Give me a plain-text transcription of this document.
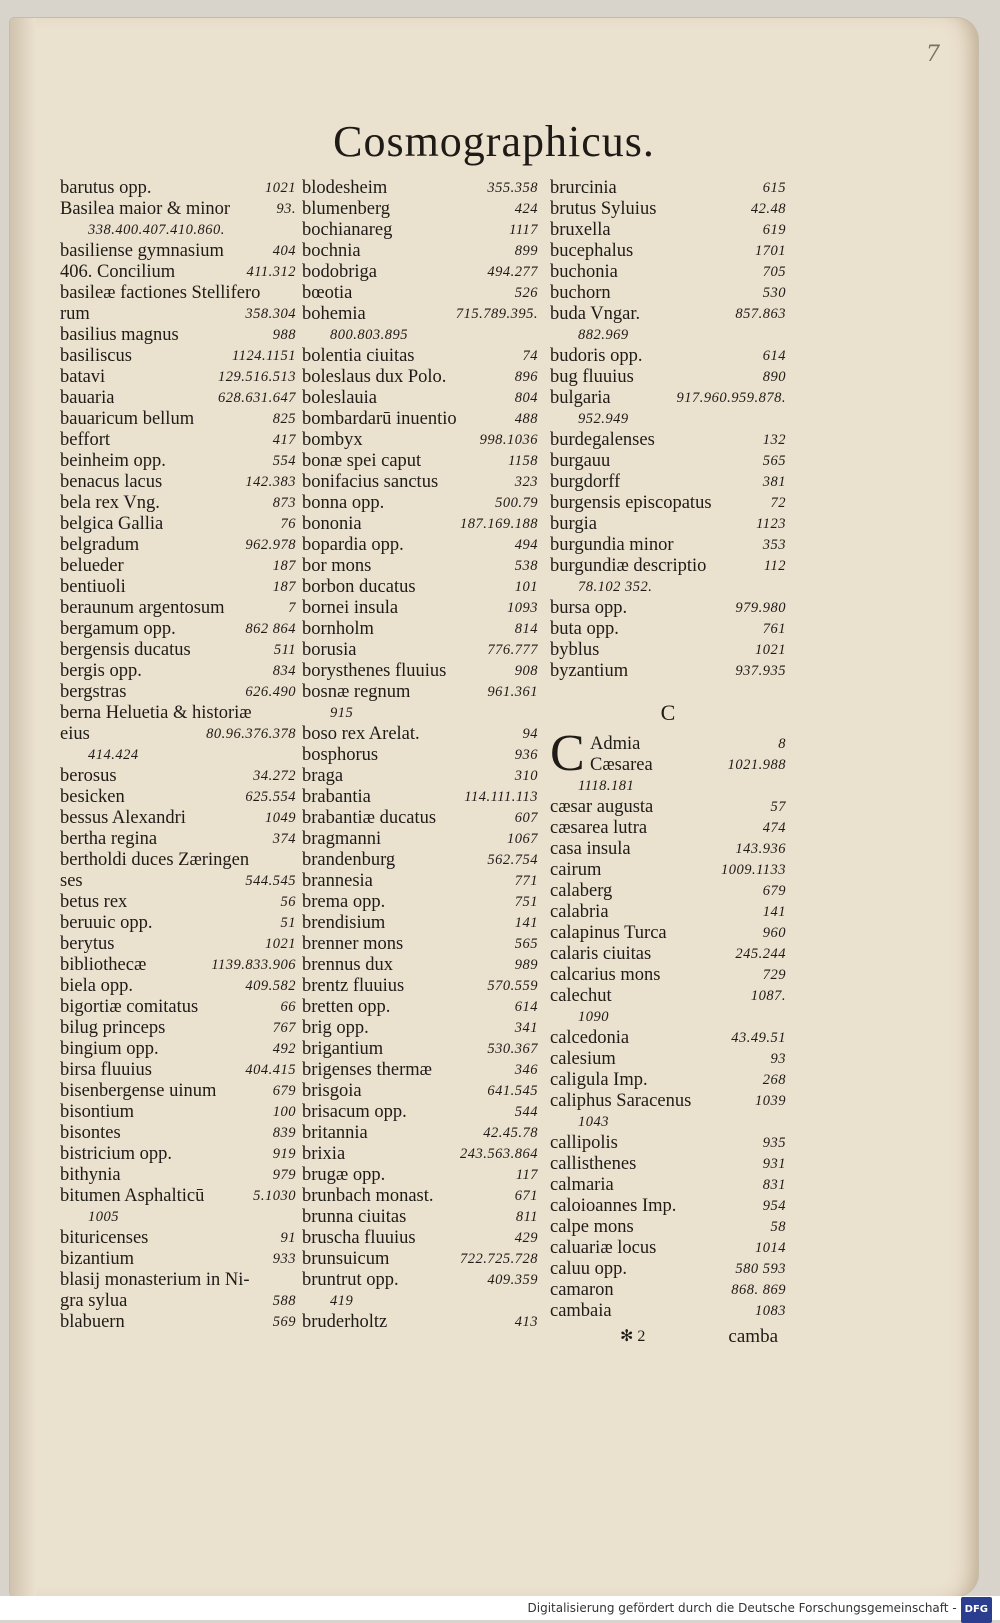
7
Cosmographicus.
barutus opp.	1021
Basilea maior & minor	93.
338.400.407.410.860.
basiliense gymnasium	404
406. Concilium	411.312
basileæ factiones Stellifero
rum	358.304
basilius magnus	988
basiliscus	1124.1151
batavi	129.516.513
bauaria	628.631.647
bauaricum bellum	825
beffort	417
beinheim opp.	554
benacus lacus	142.383
bela rex Vng.	873
belgica Gallia	76
belgradum	962.978
belueder	187
bentiuoli	187
beraunum argentosum	7
bergamum opp.	862 864
bergensis ducatus	511
bergis opp.	834
bergstras	626.490
berna Heluetia & historiæ
eius	80.96.376.378
414.424
berosus	34.272
besicken	625.554
bessus Alexandri	1049
bertha regina	374
bertholdi duces Zæringen
ses	544.545
betus rex	56
beruuic opp.	51
berytus	1021
bibliothecæ	1139.833.906
biela opp.	409.582
bigortiæ comitatus	66
bilug princeps	767
bingium opp.	492
birsa fluuius	404.415
bisenbergense uinum	679
bisontium	100
bisontes	839
bistricium opp.	919
bithynia	979
bitumen Asphalticū	5.1030
1005
bituricenses	91
bizantium	933
blasij monasterium in Ni-
gra sylua	588
blabuern	569
blodesheim	355.358
blumenberg	424
bochianareg	1117
bochnia	899
bodobriga	494.277
bœotia	526
bohemia	715.789.395.
800.803.895
bolentia ciuitas	74
boleslaus dux Polo.	896
boleslauia	804
bombardarū inuentio	488
bombyx	998.1036
bonæ spei caput	1158
bonifacius sanctus	323
bonna opp.	500.79
bononia	187.169.188
bopardia opp.	494
bor mons	538
borbon ducatus	101
bornei insula	1093
bornholm	814
borusia	776.777
borysthenes fluuius	908
bosnæ regnum	961.361
915
boso rex Arelat.	94
bosphorus	936
braga	310
brabantia	114.111.113
brabantiæ ducatus	607
bragmanni	1067
brandenburg	562.754
brannesia	771
brema opp.	751
brendisium	141
brenner mons	565
brennus dux	989
brentz fluuius	570.559
bretten opp.	614
brig opp.	341
brigantium	530.367
brigenses thermæ	346
brisgoia	641.545
brisacum opp.	544
britannia	42.45.78
brixia	243.563.864
brugæ opp.	117
brunbach monast.	671
brunna ciuitas	811
bruscha fluuius	429
brunsuicum	722.725.728
bruntrut opp.	409.359
419
bruderholtz	413
brurcinia	615
brutus Syluius	42.48
bruxella	619
bucephalus	1701
buchonia	705
buchorn	530
buda Vngar.	857.863
882.969
budoris opp.	614
bug fluuius	890
bulgaria	917.960.959.878.
952.949
burdegalenses	132
burgauu	565
burgdorff	381
burgensis episcopatus	72
burgia	1123
burgundia minor	353
burgundiæ descriptio	112
78.102 352.
bursa opp.	979.980
buta opp.	761
byblus	1021
byzantium	937.935
C
C Admia	8
Cæsarea	1021.988
1118.181
cæsar augusta	57
cæsarea lutra	474
casa insula	143.936
cairum	1009.1133
calaberg	679
calabria	141
calapinus Turca	960
calaris ciuitas	245.244
calcarius mons	729
calechut	1087.
1090
calcedonia	43.49.51
calesium	93
caligula Imp.	268
caliphus Saracenus	1039
1043
callipolis	935
callisthenes	931
calmaria	831
caloioannes Imp.	954
calpe mons	58
caluariæ locus	1014
caluu opp.	580 593
camaron	868. 869
cambaia	1083
✻ 2	camba
Digitalisierung gefördert durch die Deutsche Forschungsgemeinschaft - DFG
